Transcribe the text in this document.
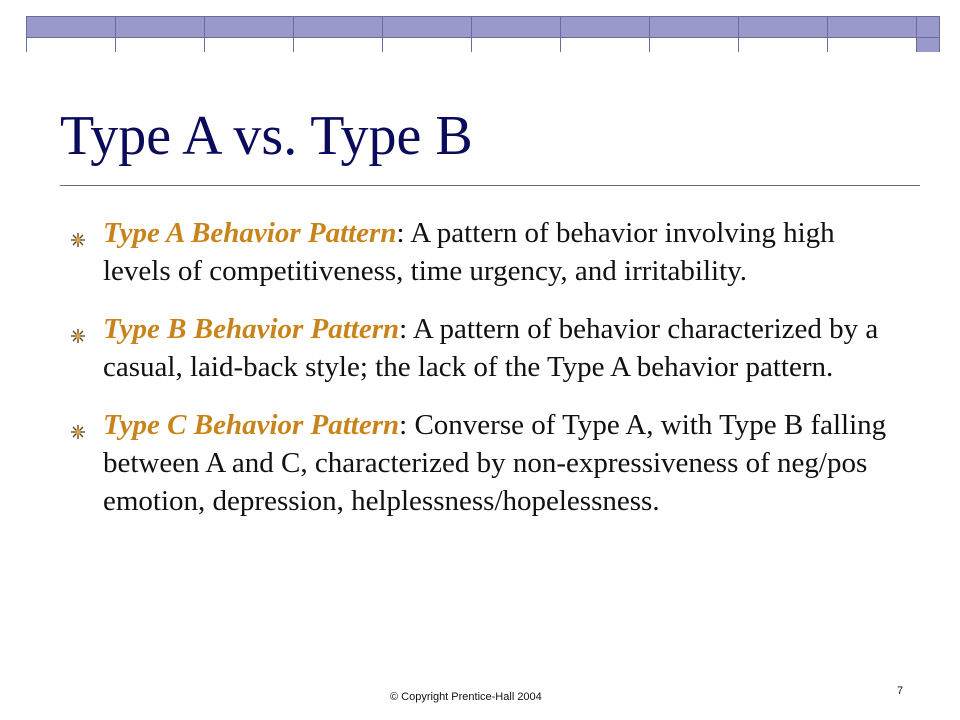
Type A vs. Type B
Type A Behavior Pattern: A pattern of behavior involving high levels of competitiveness, time urgency, and irritability.
Type B Behavior Pattern: A pattern of behavior characterized by a casual, laid-back style; the lack of the Type A behavior pattern.
Type C Behavior Pattern: Converse of Type A, with Type B falling between A and C, characterized by non-expressiveness of neg/pos emotion, depression, helplessness/hopelessness.
© Copyright Prentice-Hall 2004	7
